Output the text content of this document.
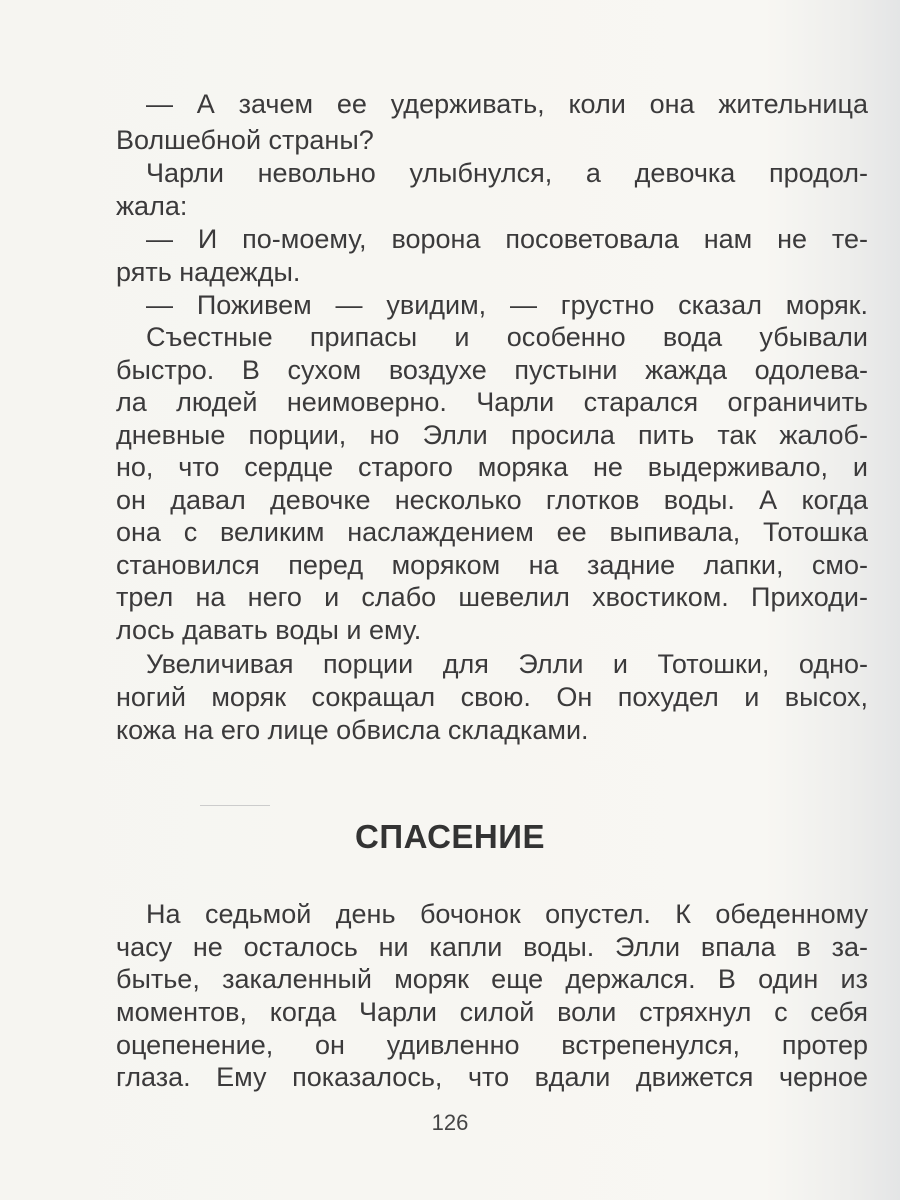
— А зачем ее удерживать, коли она жительница
Волшебной страны?
Чарли невольно улыбнулся, а девочка продол-
жала:
— И по-моему, ворона посоветовала нам не те-
рять надежды.
— Поживем — увидим, — грустно сказал моряк.
Съестные припасы и особенно вода убывали
быстро. В сухом воздухе пустыни жажда одолева-
ла людей неимоверно. Чарли старался ограничить
дневные порции, но Элли просила пить так жалоб-
но, что сердце старого моряка не выдерживало, и
он давал девочке несколько глотков воды. А когда
она с великим наслаждением ее выпивала, Тотошка
становился перед моряком на задние лапки, смо-
трел на него и слабо шевелил хвостиком. Приходи-
лось давать воды и ему.
Увеличивая порции для Элли и Тотошки, одно-
ногий моряк сокращал свою. Он похудел и высох,
кожа на его лице обвисла складками.
СПАСЕНИЕ
На седьмой день бочонок опустел. К обеденному
часу не осталось ни капли воды. Элли впала в за-
бытье, закаленный моряк еще держался. В один из
моментов, когда Чарли силой воли стряхнул с себя
оцепенение, он удивленно встрепенулся, протер
глаза. Ему показалось, что вдали движется черное
126
